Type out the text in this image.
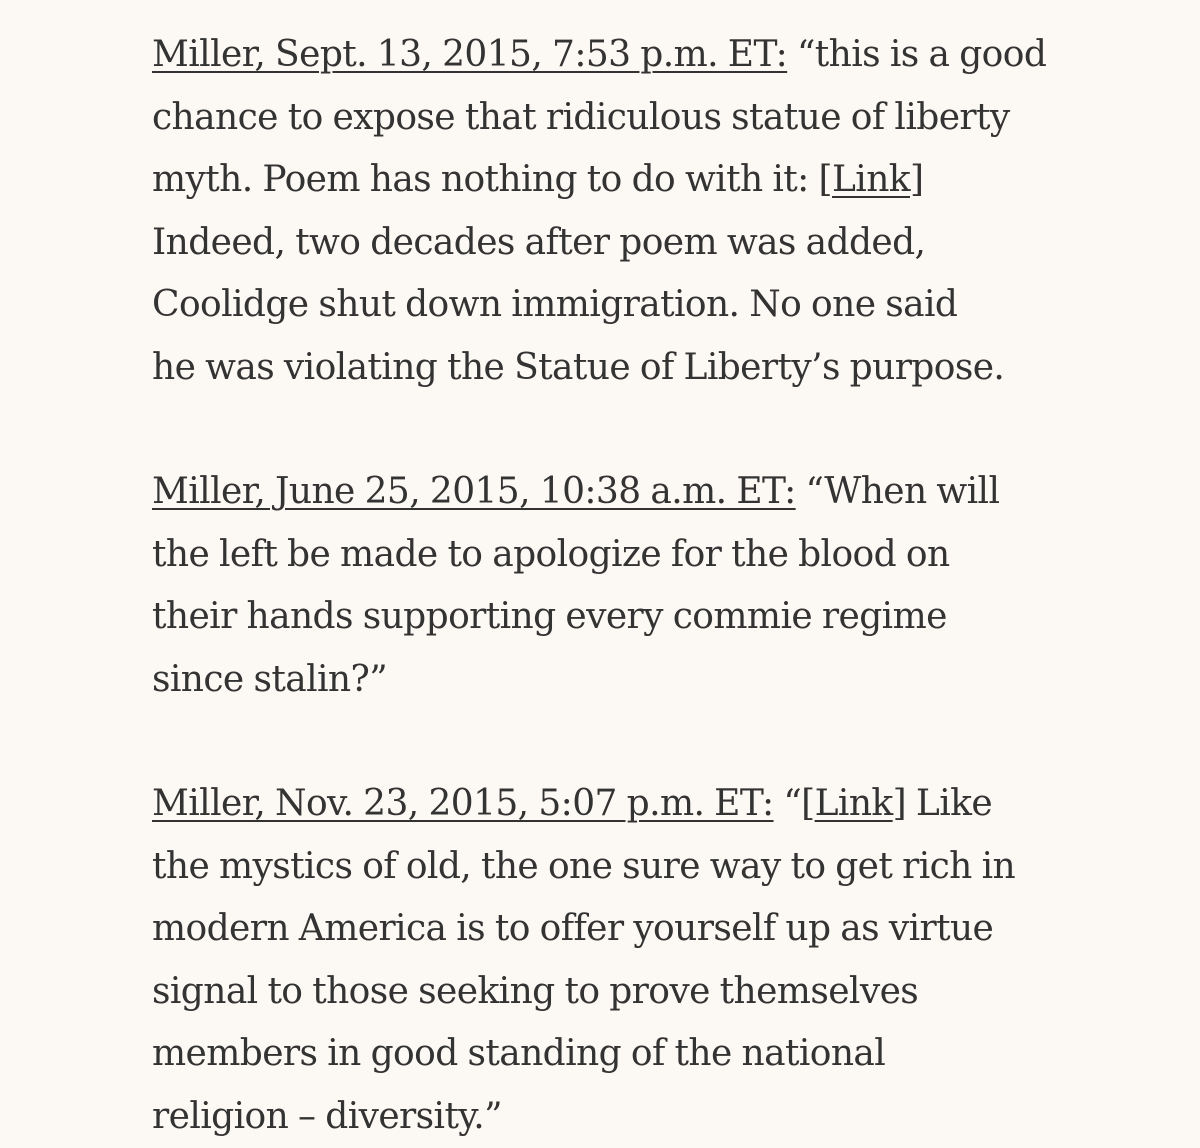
Miller, Sept. 13, 2015, 7:53 p.m. ET: “this is a good
chance to expose that ridiculous statue of liberty
myth. Poem has nothing to do with it: [Link]
Indeed, two decades after poem was added,
Coolidge shut down immigration. No one said
he was violating the Statue of Liberty’s purpose.

Miller, June 25, 2015, 10:38 a.m. ET: “When will
the left be made to apologize for the blood on
their hands supporting every commie regime
since stalin?”

Miller, Nov. 23, 2015, 5:07 p.m. ET: “[Link] Like
the mystics of old, the one sure way to get rich in
modern America is to offer yourself up as virtue
signal to those seeking to prove themselves
members in good standing of the national
religion – diversity.”
